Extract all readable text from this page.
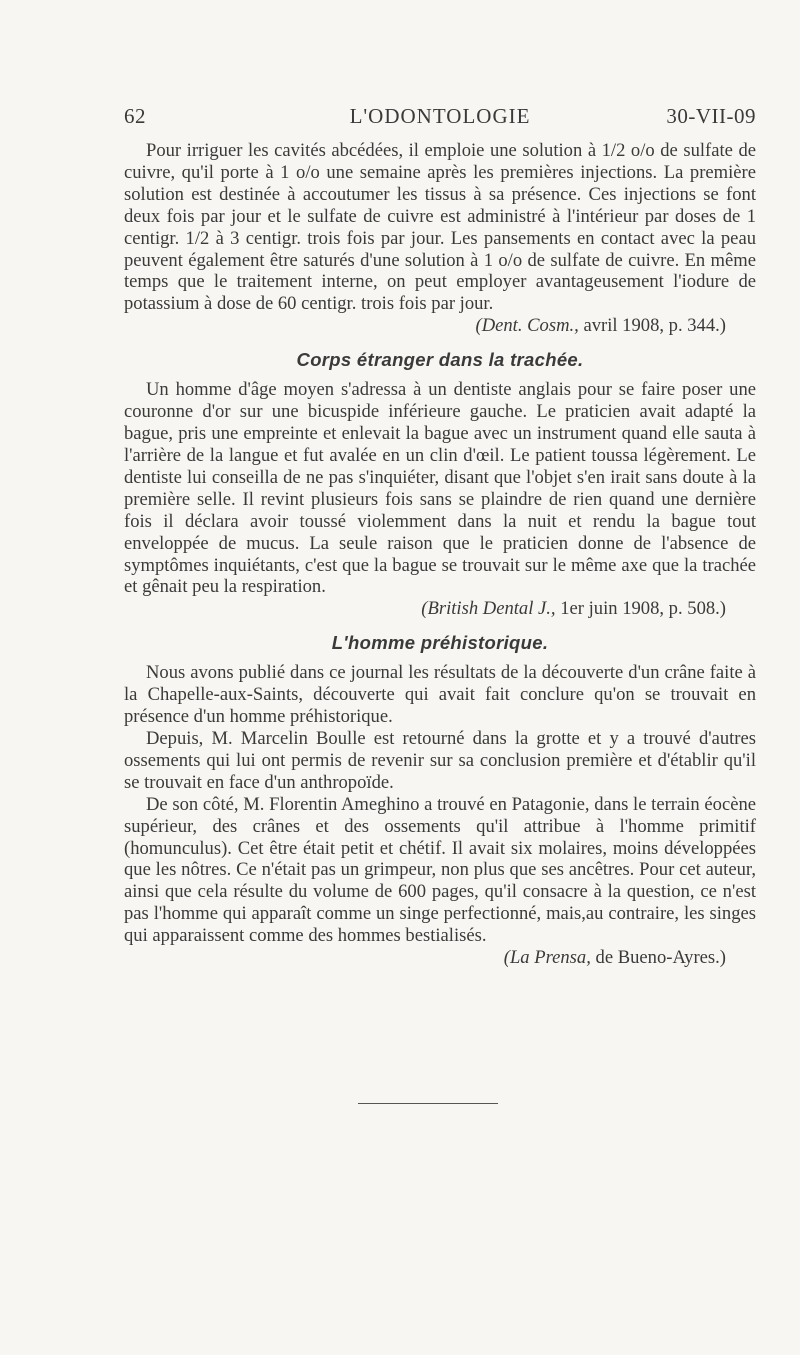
62	L'ODONTOLOGIE	30-VII-09

Pour irriguer les cavités abcédées, il emploie une solution à 1/2 o/o de sulfate de cuivre, qu'il porte à 1 o/o une semaine après les premières injections. La première solution est destinée à accoutumer les tissus à sa présence. Ces injections se font deux fois par jour et le sulfate de cuivre est administré à l'intérieur par doses de 1 centigr. 1/2 à 3 centigr. trois fois par jour. Les pansements en contact avec la peau peuvent également être saturés d'une solution à 1 o/o de sulfate de cuivre. En même temps que le traitement interne, on peut employer avantageusement l'iodure de potassium à dose de 60 centigr. trois fois par jour.

(Dent. Cosm., avril 1908, p. 344.)

Corps étranger dans la trachée.

Un homme d'âge moyen s'adressa à un dentiste anglais pour se faire poser une couronne d'or sur une bicuspide inférieure gauche. Le praticien avait adapté la bague, pris une empreinte et enlevait la bague avec un instrument quand elle sauta à l'arrière de la langue et fut avalée en un clin d'œil. Le patient toussa légèrement. Le dentiste lui conseilla de ne pas s'inquiéter, disant que l'objet s'en irait sans doute à la première selle. Il revint plusieurs fois sans se plaindre de rien quand une dernière fois il déclara avoir toussé violemment dans la nuit et rendu la bague tout enveloppée de mucus. La seule raison que le praticien donne de l'absence de symptômes inquiétants, c'est que la bague se trouvait sur le même axe que la trachée et gênait peu la respiration.

(British Dental J., 1er juin 1908, p. 508.)

L'homme préhistorique.

Nous avons publié dans ce journal les résultats de la découverte d'un crâne faite à la Chapelle-aux-Saints, découverte qui avait fait conclure qu'on se trouvait en présence d'un homme préhistorique.

Depuis, M. Marcelin Boulle est retourné dans la grotte et y a trouvé d'autres ossements qui lui ont permis de revenir sur sa conclusion première et d'établir qu'il se trouvait en face d'un anthropoïde.

De son côté, M. Florentin Ameghino a trouvé en Patagonie, dans le terrain éocène supérieur, des crânes et des ossements qu'il attribue à l'homme primitif (homunculus). Cet être était petit et chétif. Il avait six molaires, moins développées que les nôtres. Ce n'était pas un grimpeur, non plus que ses ancêtres. Pour cet auteur, ainsi que cela résulte du volume de 600 pages, qu'il consacre à la question, ce n'est pas l'homme qui apparaît comme un singe perfectionné, mais,au contraire, les singes qui apparaissent comme des hommes bestialisés.

(La Prensa, de Bueno-Ayres.)
